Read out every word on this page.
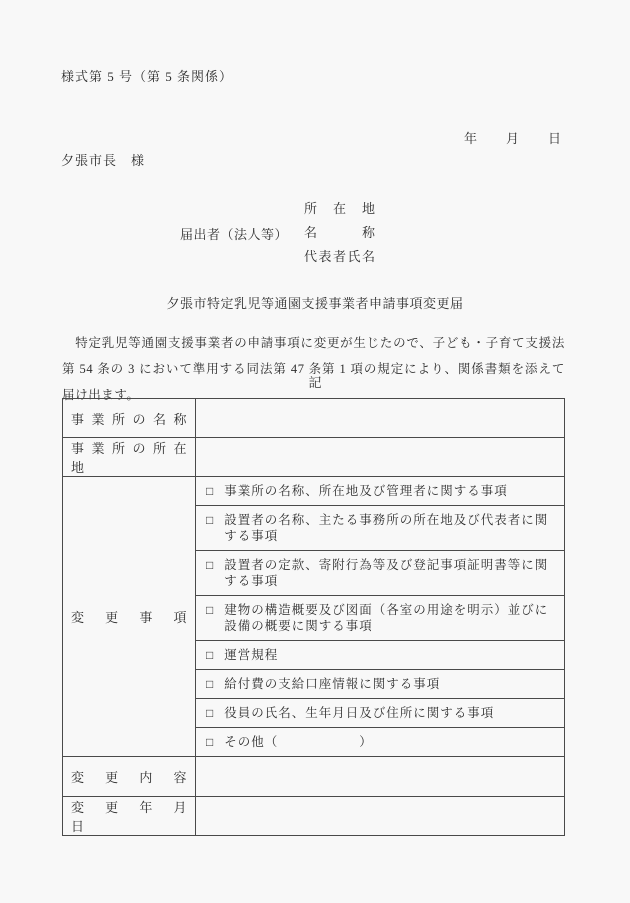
様式第 5 号（第 5 条関係）
年　　月　　日
夕張市長　様
届出者（法人等）
所　在　地
名　　　称
代表者氏名
夕張市特定乳児等通園支援事業者申請事項変更届

　特定乳児等通園支援事業者の申請事項に変更が生じたので、子ども・子育て支援法第 54 条の 3 において準用する同法第 47 条第 1 項の規定により、関係書類を添えて届け出ます。

記
事 業 所 の 名 称	
事 業 所 の 所 在 地	
変　更　事　項	□ 事業所の名称、所在地及び管理者に関する事項

	□ 設置者の名称、主たる事務所の所在地及び代表者に関する事項

	□ 設置者の定款、寄附行為等及び登記事項証明書等に関する事項

	□ 建物の構造概要及び図面（各室の用途を明示）並びに設備の概要に関する事項

	□ 運営規程

	□ 給付費の支給口座情報に関する事項

	□ 役員の氏名、生年月日及び住所に関する事項

	□ その他（　　　　　　）

変　更　内　容	
変　更　年　月　日	
